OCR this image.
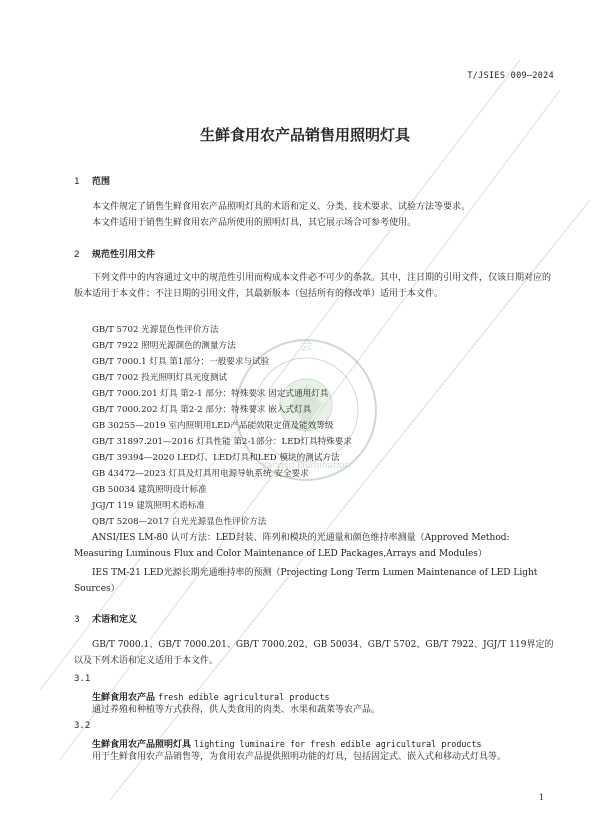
会
Jiangsu Illumination
T/JSIES 009—2024
生鲜食用农产品销售用照明灯具
1 范围
本文件规定了销售生鲜食用农产品照明灯具的术语和定义、分类、技术要求、试验方法等要求。
本文件适用于销售生鲜食用农产品所使用的照明灯具，其它展示场合可参考使用。
2 规范性引用文件
下列文件中的内容通过文中的规范性引用而构成本文件必不可少的条款。其中，注日期的引用文件，仅该日期对应的版本适用于本文件；不注日期的引用文件，其最新版本（包括所有的修改单）适用于本文件。
GB/T 5702 光源显色性评价方法
GB/T 7922 照明光源颜色的测量方法
GB/T 7000.1 灯具 第1部分：一般要求与试验
GB/T 7002 投光照明灯具光度测试
GB/T 7000.201 灯具 第2-1 部分：特殊要求 固定式通用灯具
GB/T 7000.202 灯具 第2-2 部分：特殊要求 嵌入式灯具
GB 30255—2019 室内照明用LED产品能效限定值及能效等级
GB/T 31897.201—2016 灯具性能 第2-1部分：LED灯具特殊要求
GB/T 39394—2020 LED灯、LED灯具和LED 模块的测试方法
GB 43472—2023 灯具及灯具用电源导轨系统 安全要求
GB 50034 建筑照明设计标准
JGJ/T 119 建筑照明术语标准
QB/T 5208—2017 白光光源显色性评价方法
ANSI/IES LM-80 认可方法：LED封装、阵列和模块的光通量和颜色维持率测量（Approved Method: Measuring Luminous Flux and Color Maintenance of LED Packages,Arrays and Modules）
IES TM-21 LED光源长期光通维持率的预测（Projecting Long Term Lumen Maintenance of LED Light Sources）
3 术语和定义
GB/T 7000.1、GB/T 7000.201、GB/T 7000.202、GB 50034、GB/T 5702、GB/T 7922、JGJ/T 119界定的以及下列术语和定义适用于本文件。
3.1
生鲜食用农产品 fresh edible agricultural products
通过养殖和种植等方式获得，供人类食用的肉类、水果和蔬菜等农产品。
3.2
生鲜食用农产品照明灯具 lighting luminaire for fresh edible agricultural products
用于生鲜食用农产品销售等，为食用农产品提供照明功能的灯具，包括固定式、嵌入式和移动式灯具等。
1
